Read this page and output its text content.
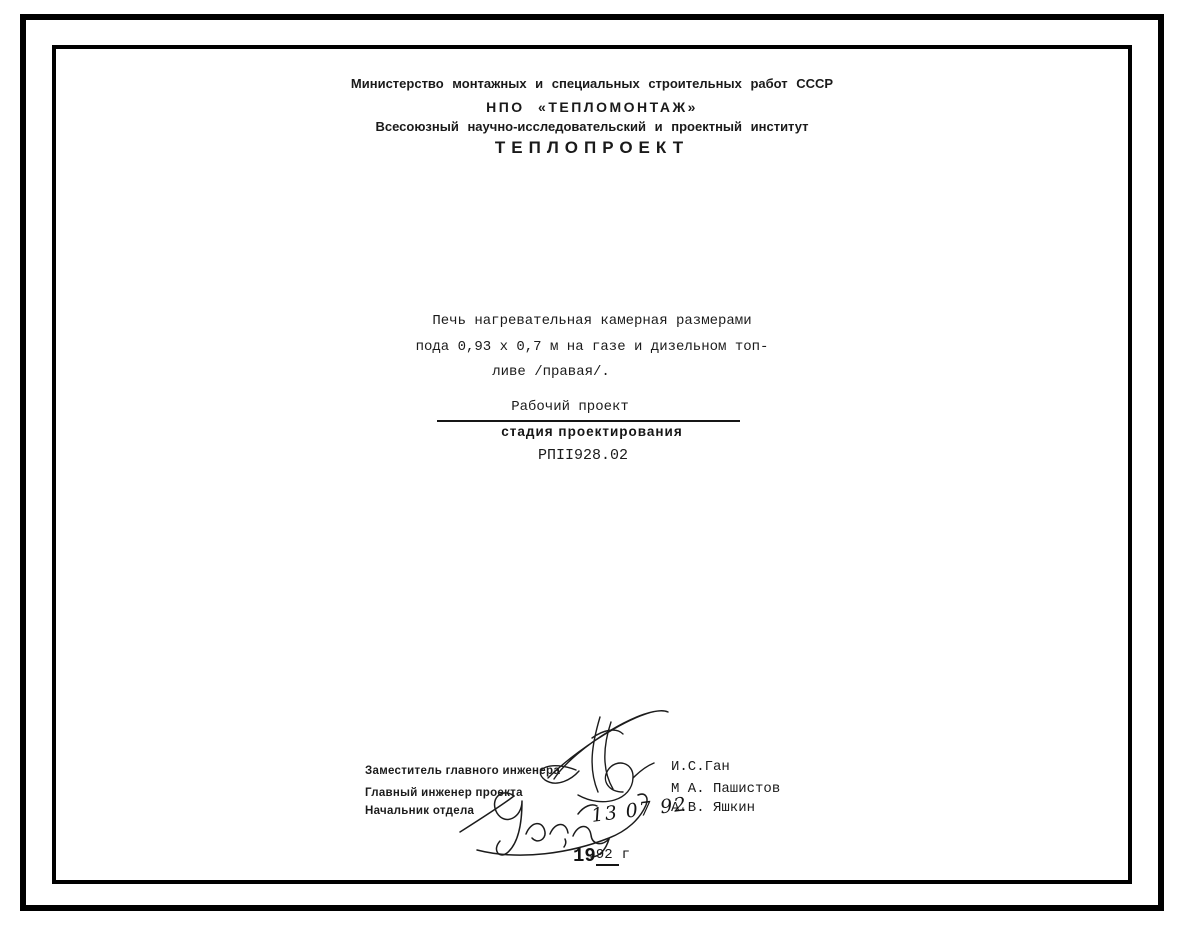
Министерство монтажных и специальных строительных работ СССР
НПО «ТЕПЛОМОНТАЖ»
Всесоюзный научно-исследовательский и проектный институт
ТЕПЛОПРОЕКТ
Печь нагревательная камерная размерами
пода 0,93 х 0,7 м на газе и дизельном топ-
ливе /правая/.
Рабочий проект
стадия проектирования
РПII928.02
Заместитель главного инженера
Главный инженер проекта
Начальник отдела
И.С.Ган
М А. Пашистов
А.В. Яшкин
13 07 92
1992 г
